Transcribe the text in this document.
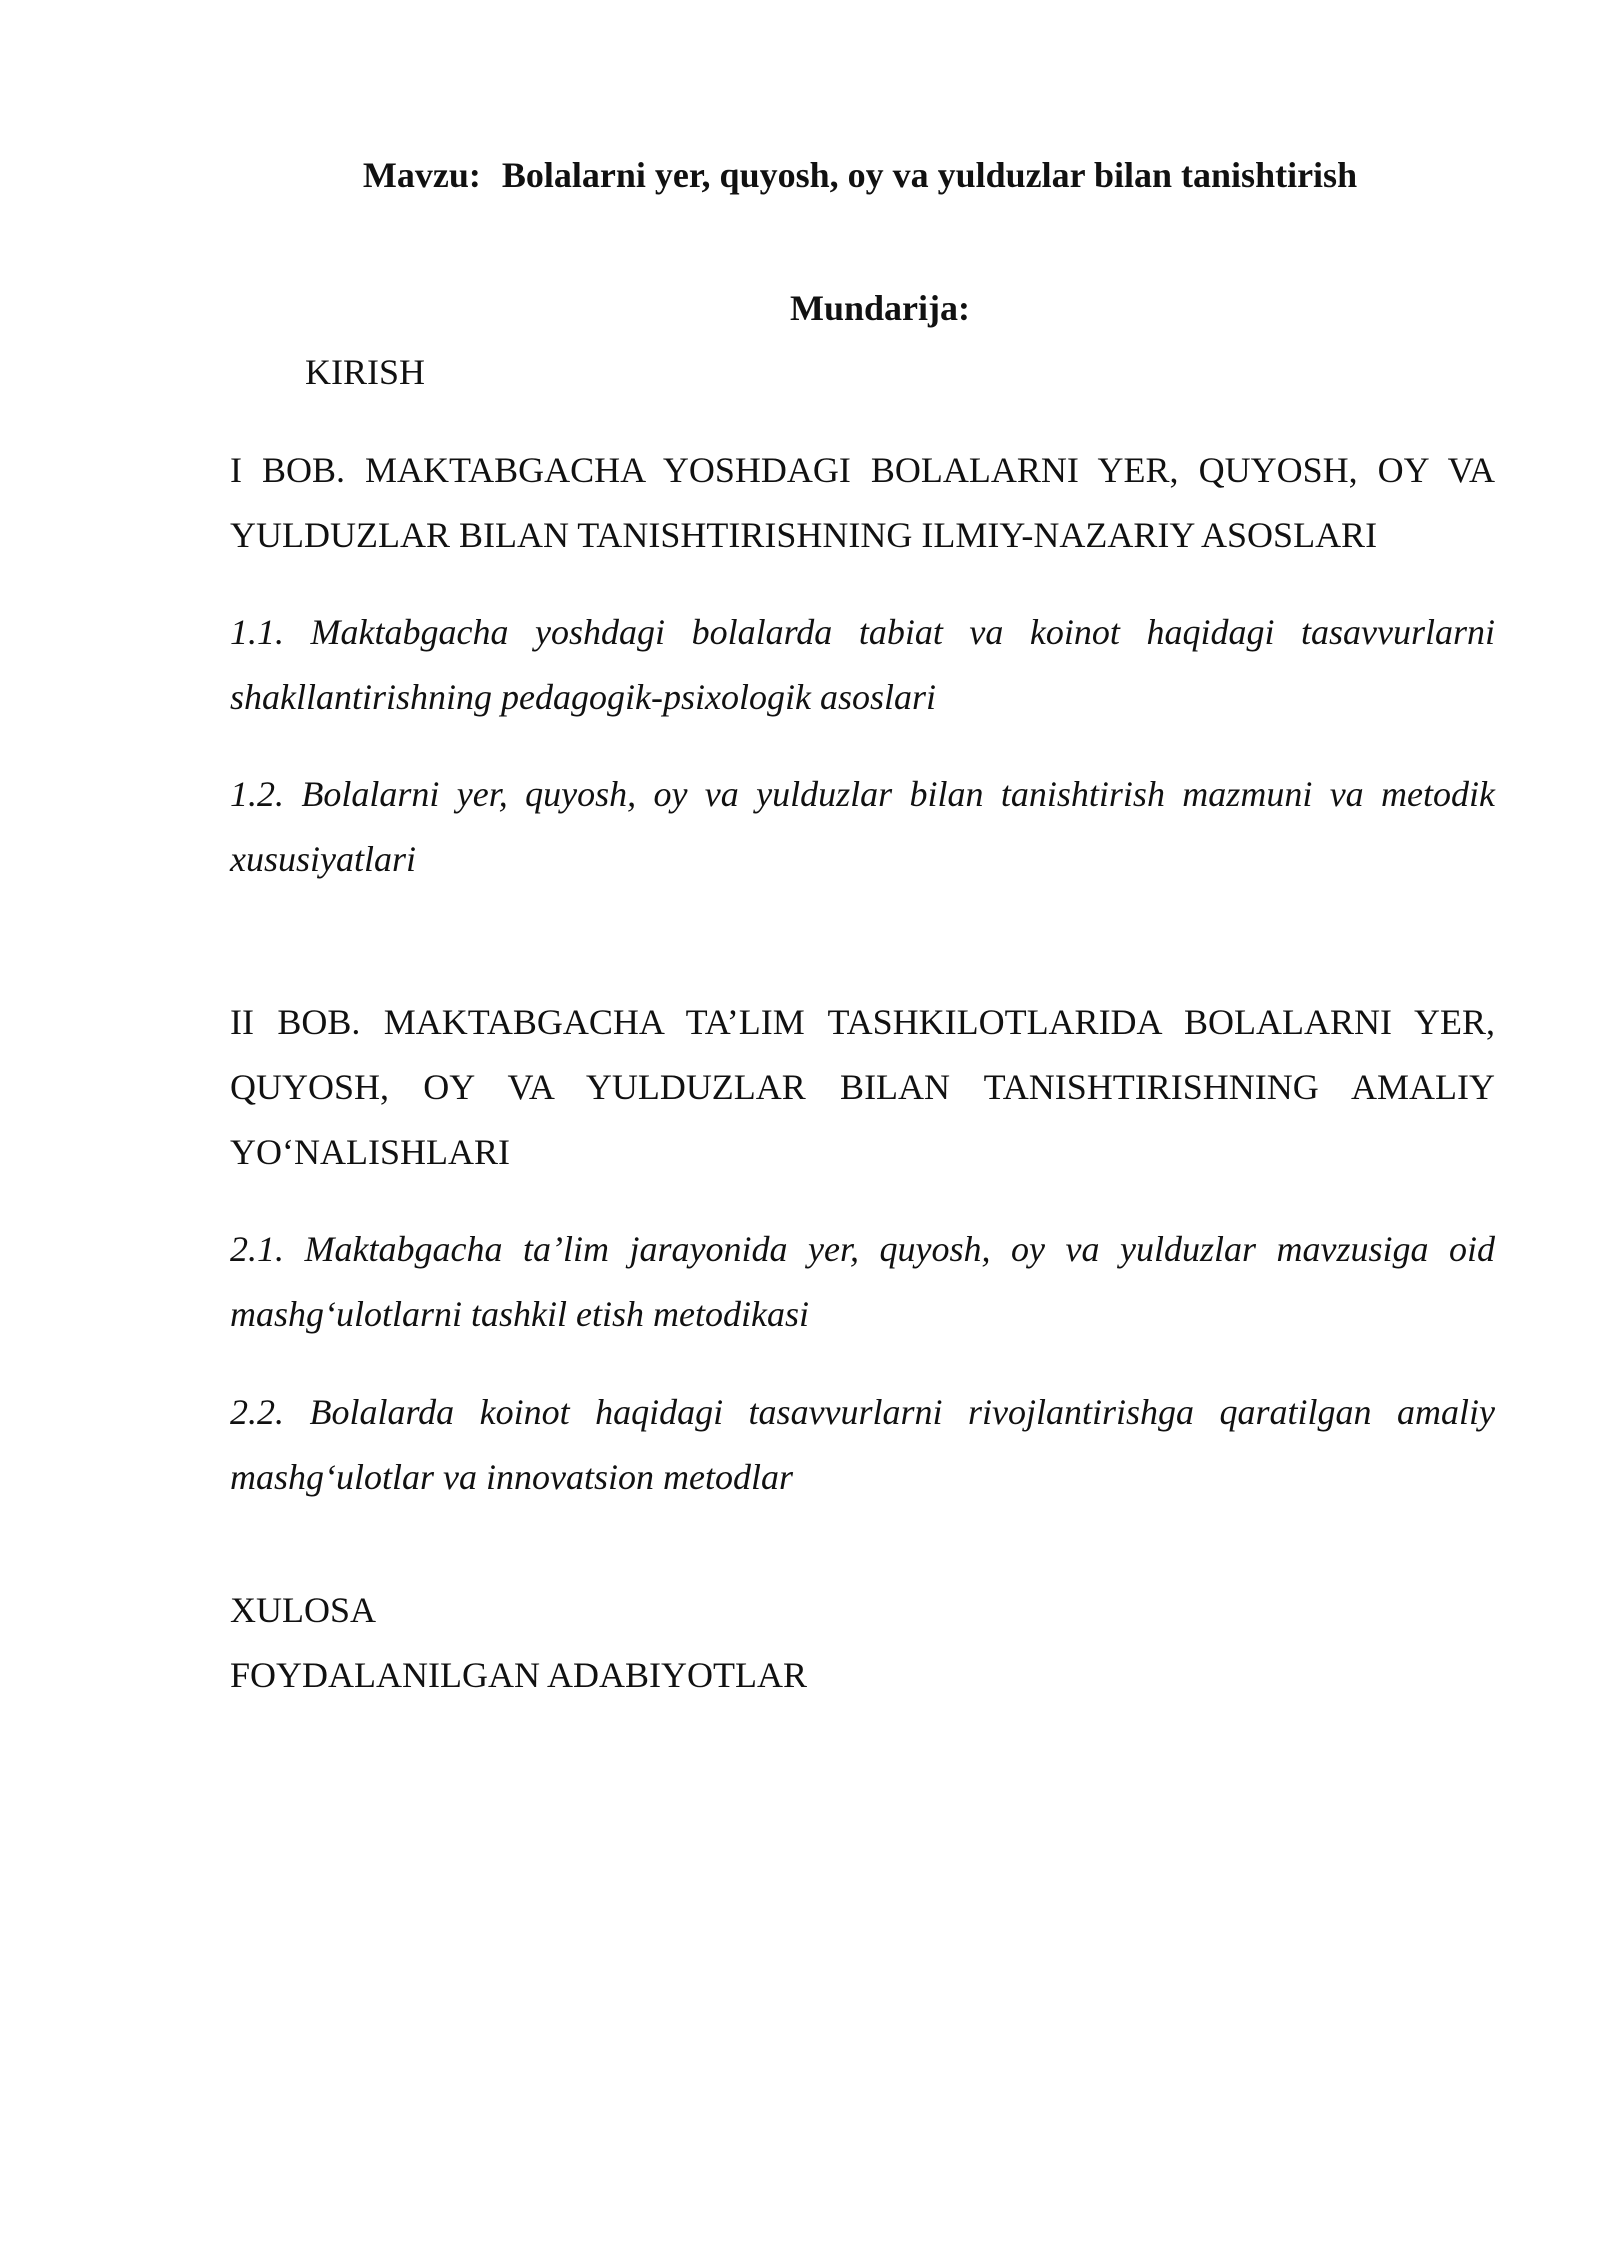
Mavzu: Bolalarni yer, quyosh, oy va yulduzlar bilan tanishtirish
Mundarija:
KIRISH
I BOB. MAKTABGACHA YOSHDAGI BOLALARNI YER, QUYOSH, OY VA YULDUZLAR BILAN TANISHTIRISHNING ILMIY-NAZARIY ASOSLARI
1.1. Maktabgacha yoshdagi bolalarda tabiat va koinot haqidagi tasavvurlarni shakllantirishning pedagogik-psixologik asoslari
1.2. Bolalarni yer, quyosh, oy va yulduzlar bilan tanishtirish mazmuni va metodik xususiyatlari
II BOB. MAKTABGACHA TA’LIM TASHKILOTLARIDA BOLALARNI YER, QUYOSH, OY VA YULDUZLAR BILAN TANISHTIRISHNING AMALIY YO‘NALISHLARI
2.1. Maktabgacha ta’lim jarayonida yer, quyosh, oy va yulduzlar mavzusiga oid mashg‘ulotlarni tashkil etish metodikasi
2.2. Bolalarda koinot haqidagi tasavvurlarni rivojlantirishga qaratilgan amaliy mashg‘ulotlar va innovatsion metodlar
XULOSA
FOYDALANILGAN ADABIYOTLAR
